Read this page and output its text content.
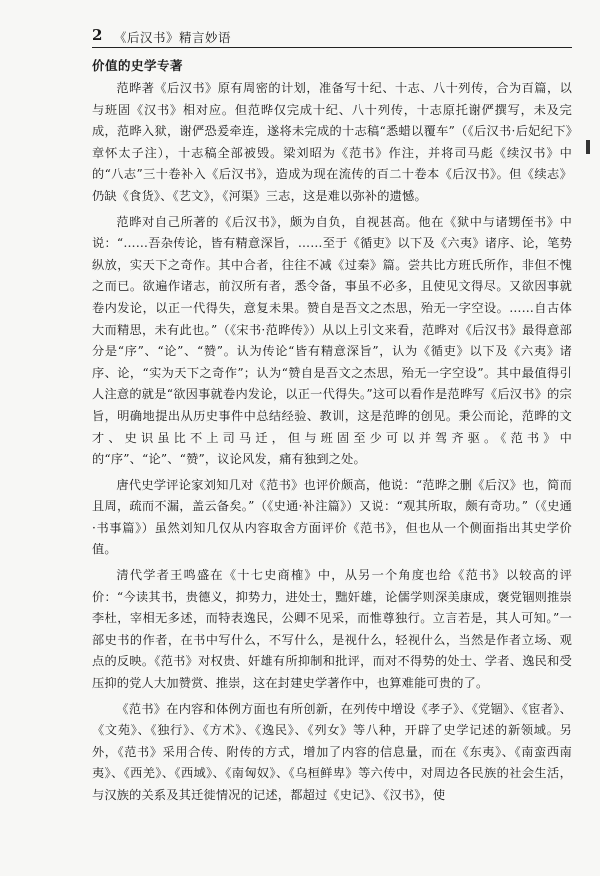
2 《后汉书》精言妙语
价值的史学专著

范晔著《后汉书》原有周密的计划，准备写十纪、十志、八十列传，合为百篇，以与班固《汉书》相对应。但范晔仅完成十纪、八十列传，十志原托谢俨撰写，未及完成，范晔入狱，谢俨恐爰牵连，遂将未完成的十志稿“悉蜡以覆车”（《后汉书·后妃纪下》章怀太子注），十志稿全部被毁。梁刘昭为《范书》作注，并将司马彪《续汉书》中的“八志”三十卷补入《后汉书》，造成为现在流传的百二十卷本《后汉书》。但《续志》仍缺《食货》、《艺文》，《河渠》三志，这是难以弥补的遗憾。

范晔对自己所著的《后汉书》，颇为自负，自视甚高。他在《狱中与诸甥侄书》中说：“……吾杂传论，皆有精意深旨，……至于《循吏》以下及《六夷》诸序、论，笔势纵放，实天下之奇作。其中合者，往往不减《过秦》篇。尝共比方班氏所作，非但不愧之而已。欲遍作诸志，前汉所有者，悉令备，事虽不必多，且使见文得尽。又欲因事就卷内发论，以正一代得失，意复未果。赞自是吾文之杰思，殆无一字空设。……自古体大而精思，未有此也。”（《宋书·范晔传》）从以上引文来看，范晔对《后汉书》最得意部分是“序”、“论”、“赞”。认为传论“皆有精意深旨”，认为《循吏》以下及《六夷》诸序、论，“实为天下之奇作”；认为“赞自是吾文之杰思，殆无一字空设”。其中最值得引人注意的就是“欲因事就卷内发论，以正一代得失。”这可以看作是范晔写《后汉书》的宗旨，明确地提出从历史事件中总结经验、教训，这是范晔的创见。秉公而论，范晔的文才、史识虽比不上司马迁，但与班固至少可以并驾齐驱。《范书》中的“序”、“论”、“赞”，议论风发，痛有独到之处。

唐代史学评论家刘知几对《范书》也评价颇高，他说：“范晔之删《后汉》也，简而且周，疏而不漏，盖云备矣。”（《史通·补注篇》）又说：“观其所取，颇有奇功。”（《史通·书事篇》）虽然刘知几仅从内容取舍方面评价《范书》，但也从一个侧面指出其史学价值。

清代学者王鸣盛在《十七史商榷》中，从另一个角度也给《范书》以较高的评价：“今读其书，贵德义，抑势力，进处士，黜奸雄，论儒学则深美康成，褒党锢则推崇李杜，宰相无多述，而特表逸民，公卿不见采，而惟尊独行。立言若是，其人可知。”一部史书的作者，在书中写什么，不写什么，是视什么，轻视什么，当然是作者立场、观点的反映。《范书》对权贵、奸雄有所抑制和批评，而对不得势的处士、学者、逸民和受压抑的党人大加赞赏、推崇，这在封建史学著作中，也算难能可贵的了。

《范书》在内容和体例方面也有所创新，在列传中增设《孝子》、《党锢》、《宦者》、《文苑》、《独行》、《方术》、《逸民》、《列女》等八种，开辟了史学记述的新领域。另外，《范书》采用合传、附传的方式，增加了内容的信息量，而在《东夷》、《南蛮西南夷》、《西羌》、《西域》、《南匈奴》、《乌桓鲜卑》等六传中，对周边各民族的社会生活，与汉族的关系及其迁徙情况的记述，都超过《史记》、《汉书》，使
